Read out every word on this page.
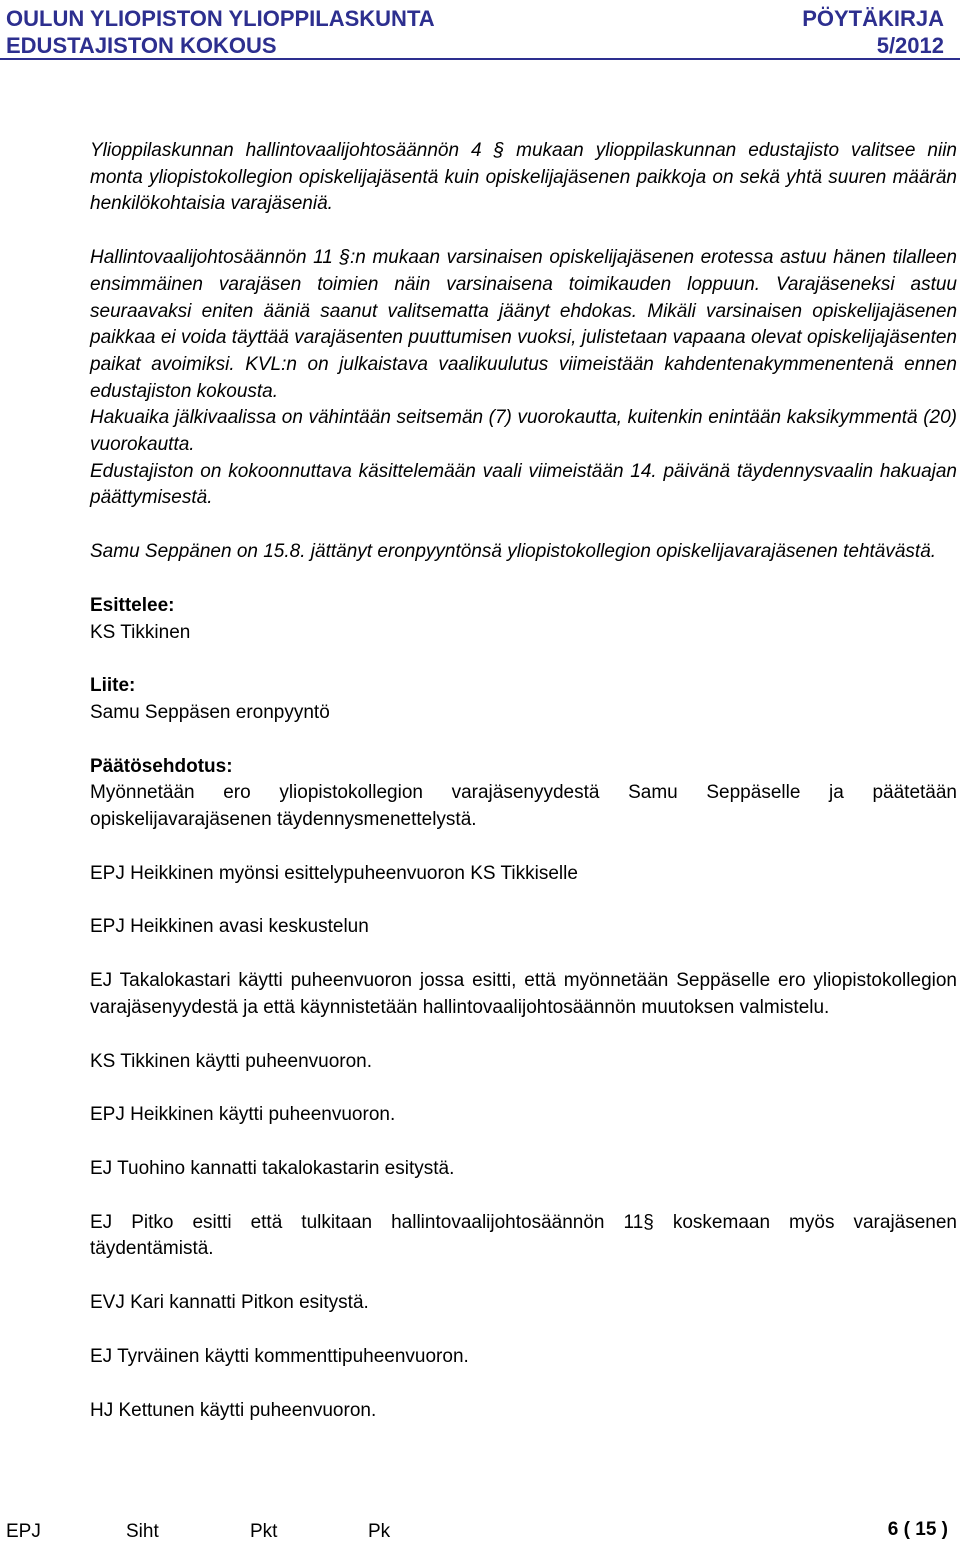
OULUN YLIOPISTON YLIOPPILASKUNTA
EDUSTAJISTON KOKOUS
PÖYTÄKIRJA
5/2012

Ylioppilaskunnan hallintovaalijohtosäännön 4 § mukaan ylioppilaskunnan edustajisto valitsee niin monta yliopistokollegion opiskelijajäsentä kuin opiskelijajäsenen paikkoja on sekä yhtä suuren määrän henkilökohtaisia varajäseniä.

Hallintovaalijohtosäännön 11 §:n mukaan varsinaisen opiskelijajäsenen erotessa astuu hänen tilalleen ensimmäinen varajäsen toimien näin varsinaisena toimikauden loppuun. Varajäseneksi astuu seuraavaksi eniten ääniä saanut valitsematta jäänyt ehdokas. Mikäli varsinaisen opiskelijajäsenen paikkaa ei voida täyttää varajäsenten puuttumisen vuoksi, julistetaan vapaana olevat opiskelijajäsenten paikat avoimiksi. KVL:n on julkaistava vaalikuulutus viimeistään kahdentenakymmenentenä ennen edustajiston kokousta.

Hakuaika jälkivaalissa on vähintään seitsemän (7) vuorokautta, kuitenkin enintään kaksikymmentä (20) vuorokautta.

Edustajiston on kokoonnuttava käsittelemään vaali viimeistään 14. päivänä täydennysvaalin hakuajan päättymisestä.

Samu Seppänen on 15.8. jättänyt eronpyyntönsä yliopistokollegion opiskelijavarajäsenen tehtävästä.

Esittelee:

KS Tikkinen

Liite:

Samu Seppäsen eronpyyntö

Päätösehdotus:

Myönnetään ero yliopistokollegion varajäsenyydestä Samu Seppäselle ja päätetään opiskelijavarajäsenen täydennysmenettelystä.

EPJ Heikkinen myönsi esittelypuheenvuoron KS Tikkiselle

EPJ Heikkinen avasi keskustelun

EJ Takalokastari käytti puheenvuoron jossa esitti, että myönnetään Seppäselle ero yliopistokollegion varajäsenyydestä ja että käynnistetään hallintovaalijohtosäännön muutoksen valmistelu.

KS Tikkinen käytti puheenvuoron.

EPJ Heikkinen käytti puheenvuoron.

EJ Tuohino kannatti takalokastarin esitystä.

EJ Pitko esitti että tulkitaan hallintovaalijohtosäännön 11§ koskemaan myös varajäsenen täydentämistä.

EVJ Kari kannatti Pitkon esitystä.

EJ Tyrväinen käytti kommenttipuheenvuoron.

HJ Kettunen käytti puheenvuoron.

EPJ	Siht	Pkt	Pk	6 ( 15 )
